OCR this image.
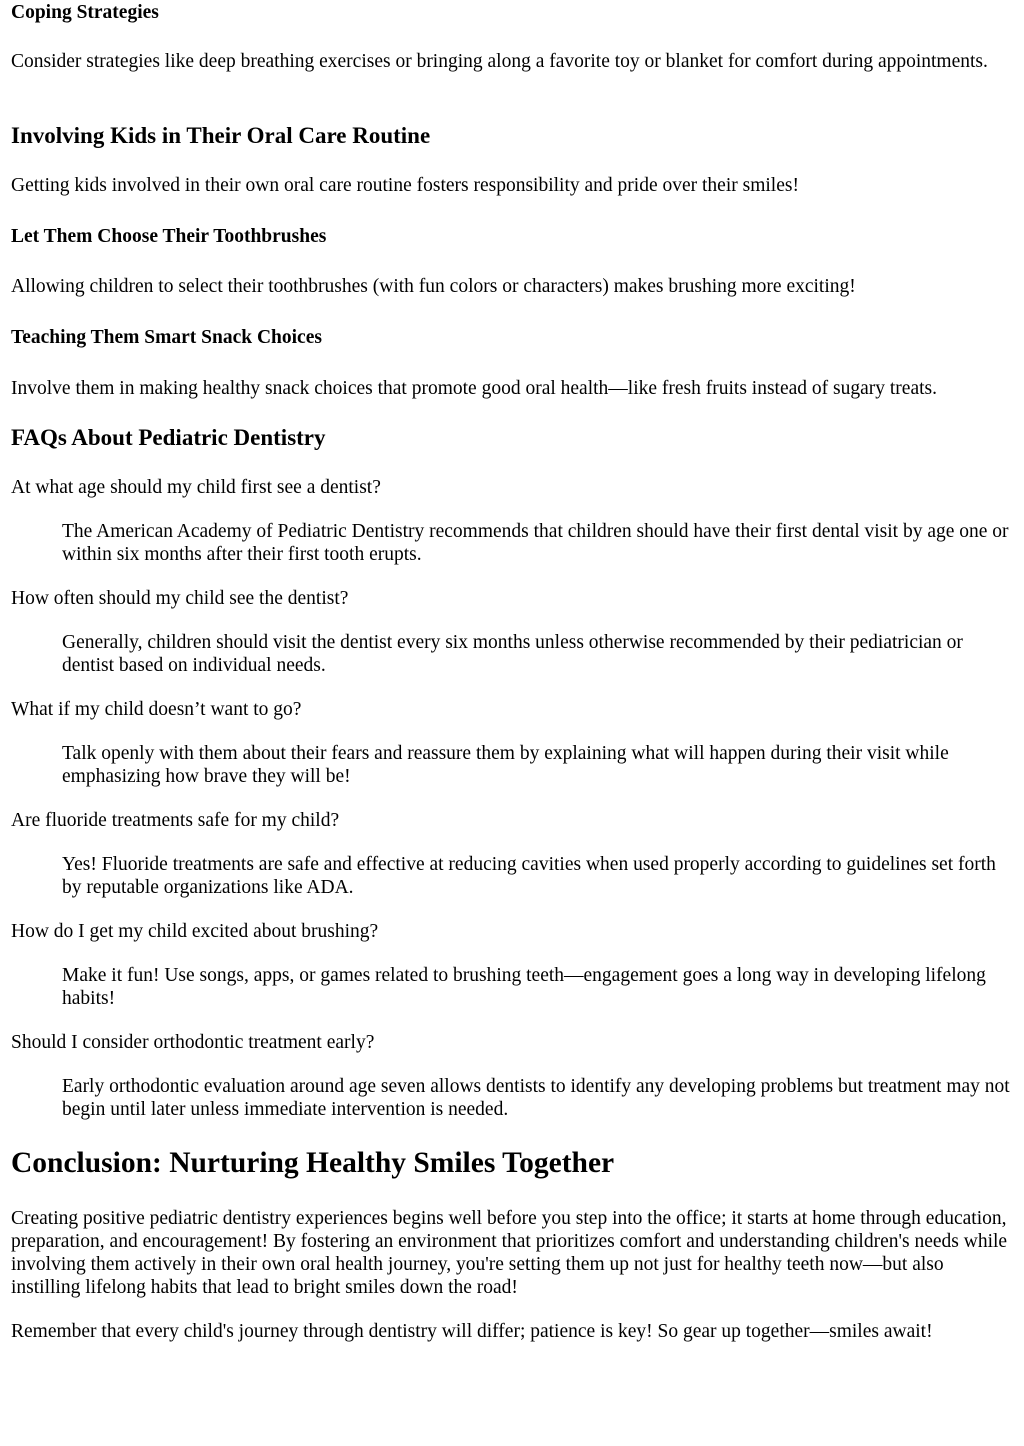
Coping Strategies

Consider strategies like deep breathing exercises or bringing along a favorite toy or blanket for comfort during appointments.

Involving Kids in Their Oral Care Routine

Getting kids involved in their own oral care routine fosters responsibility and pride over their smiles!

Let Them Choose Their Toothbrushes

Allowing children to select their toothbrushes (with fun colors or characters) makes brushing more exciting!

Teaching Them Smart Snack Choices

Involve them in making healthy snack choices that promote good oral health—like fresh fruits instead of sugary treats.

FAQs About Pediatric Dentistry
At what age should my child first see a dentist?
The American Academy of Pediatric Dentistry recommends that children should have their first dental visit by age one or within six months after their first tooth erupts.
How often should my child see the dentist?
Generally, children should visit the dentist every six months unless otherwise recommended by their pediatrician or dentist based on individual needs.
What if my child doesn’t want to go?
Talk openly with them about their fears and reassure them by explaining what will happen during their visit while emphasizing how brave they will be!
Are fluoride treatments safe for my child?
Yes! Fluoride treatments are safe and effective at reducing cavities when used properly according to guidelines set forth by reputable organizations like ADA.
How do I get my child excited about brushing?
Make it fun! Use songs, apps, or games related to brushing teeth—engagement goes a long way in developing lifelong habits!
Should I consider orthodontic treatment early?
Early orthodontic evaluation around age seven allows dentists to identify any developing problems but treatment may not begin until later unless immediate intervention is needed.
Conclusion: Nurturing Healthy Smiles Together

Creating positive pediatric dentistry experiences begins well before you step into the office; it starts at home through education, preparation, and encouragement! By fostering an environment that prioritizes comfort and understanding children's needs while involving them actively in their own oral health journey, you're setting them up not just for healthy teeth now—but also instilling lifelong habits that lead to bright smiles down the road!

Remember that every child's journey through dentistry will differ; patience is key! So gear up together—smiles await!
